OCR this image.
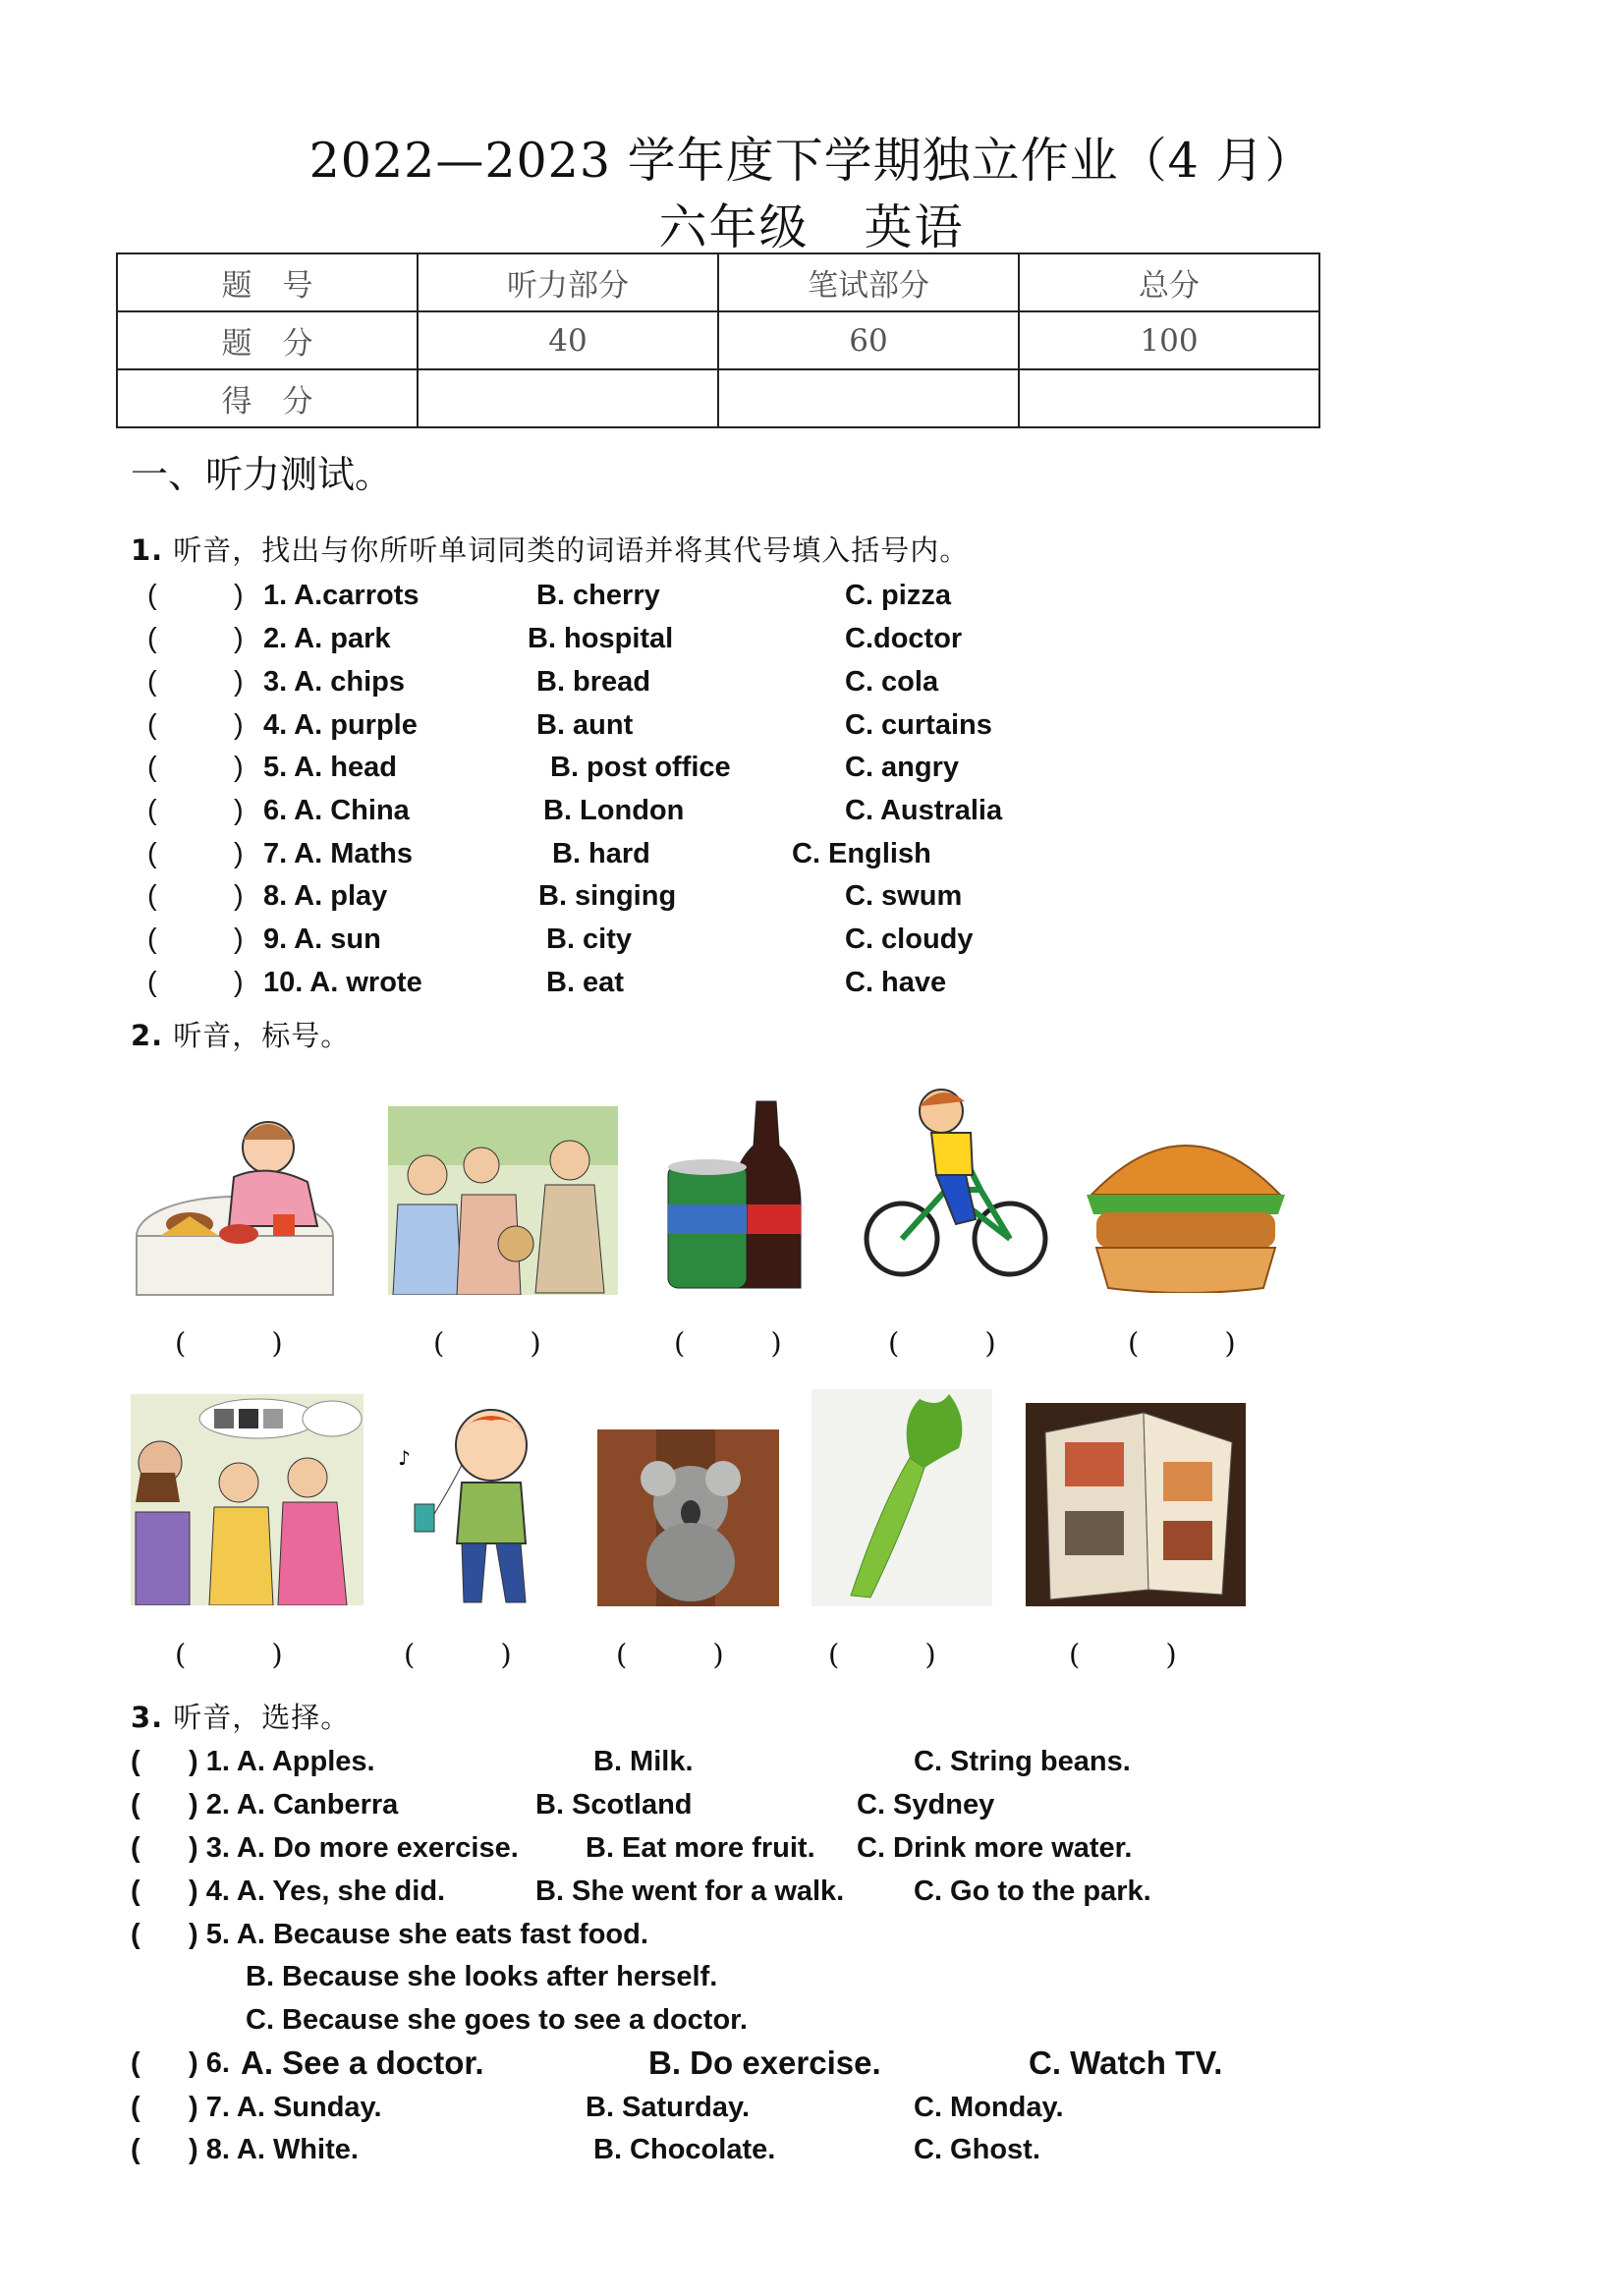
2022—2023 学年度下学期独立作业（4 月）
六年级 英语
题　号	听力部分	笔试部分	总分
题　分	40	60	100
得　分			
一、听力测试。
1. 听音，找出与你所听单词同类的词语并将其代号填入括号内。
(	) 1. A.carrots	B. cherry	C. pizza
(	) 2. A. park	B. hospital	C.doctor
(	) 3. A. chips	B. bread	C. cola
(	) 4. A. purple	B. aunt	C. curtains
(	) 5. A. head	B. post office	C. angry
(	) 6. A. China	B. London	C. Australia
(	) 7. A. Maths	B. hard	C. English
(	) 8. A. play	B. singing	C. swum
(	) 9. A. sun	B. city	C. cloudy
(	) 10. A. wrote	B. eat	C. have
2. 听音，标号。
(　　　)	(　　　)	(　　　)	(　　　)	(　　　)
♪
(　　　)	(　　　)	(　　　)	(　　　)	(　　　)
3. 听音，选择。
( ) 1. A. Apples.	B. Milk.	C. String beans.
( ) 2. A. Canberra	B. Scotland	C. Sydney
( ) 3. A. Do more exercise. B. Eat more fruit. C. Drink more water.
( ) 4. A. Yes, she did.	B. She went for a walk. C. Go to the park.
( ) 5. A. Because she eats fast food.
B. Because she looks after herself.
C. Because she goes to see a doctor.
( ) 6. A. See a doctor.	B. Do exercise.	C. Watch TV.
( ) 7. A. Sunday.	B. Saturday.	C. Monday.
( ) 8. A. White.	B. Chocolate.	C. Ghost.
